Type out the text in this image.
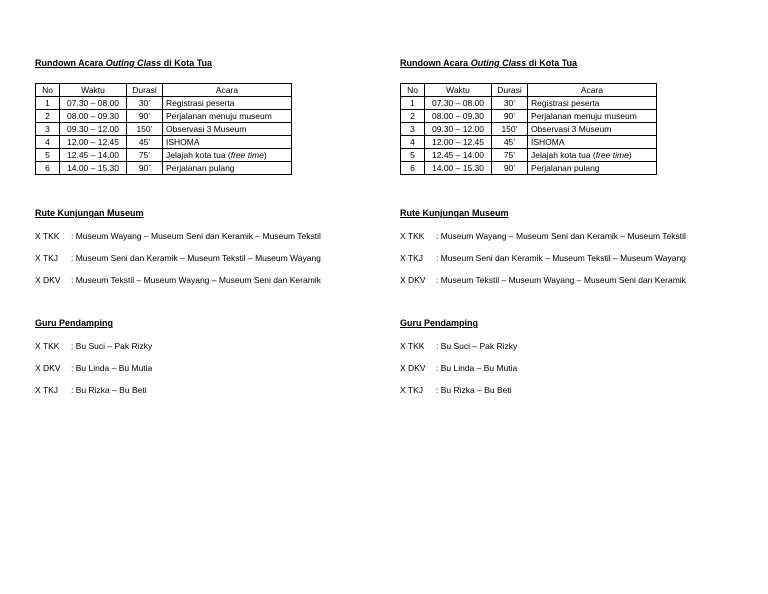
Rundown Acara Outing Class di Kota Tua
No	Waktu	Durasi	Acara
1	07.30 – 08.00	30’	Registrasi peserta
2	08.00 – 09.30	90’	Perjalanan menuju museum
3	09.30 – 12.00	150’	Observasi 3 Museum
4	12.00 – 12.45	45’	ISHOMA
5	12.45 – 14.00	75’	Jelajah kota tua (free time)
6	14.00 – 15.30	90’	Perjalanan pulang
Rute Kunjungan Museum
X TKK : Museum Wayang – Museum Seni dan Keramik – Museum Tekstil
X TKJ : Museum Seni dan Keramik – Museum Tekstil – Museum Wayang
X DKV : Museum Tekstil – Museum Wayang – Museum Seni dan Keramik
Guru Pendamping
X TKK : Bu Suci – Pak Rizky
X DKV : Bu Linda – Bu Mutia
X TKJ : Bu Rizka – Bu Beti
Rundown Acara Outing Class di Kota Tua
No	Waktu	Durasi	Acara
1	07.30 – 08.00	30’	Registrasi peserta
2	08.00 – 09.30	90’	Perjalanan menuju museum
3	09.30 – 12.00	150’	Observasi 3 Museum
4	12.00 – 12.45	45’	ISHOMA
5	12.45 – 14.00	75’	Jelajah kota tua (free time)
6	14.00 – 15.30	90’	Perjalanan pulang
Rute Kunjungan Museum
X TKK : Museum Wayang – Museum Seni dan Keramik – Museum Tekstil
X TKJ : Museum Seni dan Keramik – Museum Tekstil – Museum Wayang
X DKV : Museum Tekstil – Museum Wayang – Museum Seni dan Keramik
Guru Pendamping
X TKK : Bu Suci – Pak Rizky
X DKV : Bu Linda – Bu Mutia
X TKJ : Bu Rizka – Bu Beti
